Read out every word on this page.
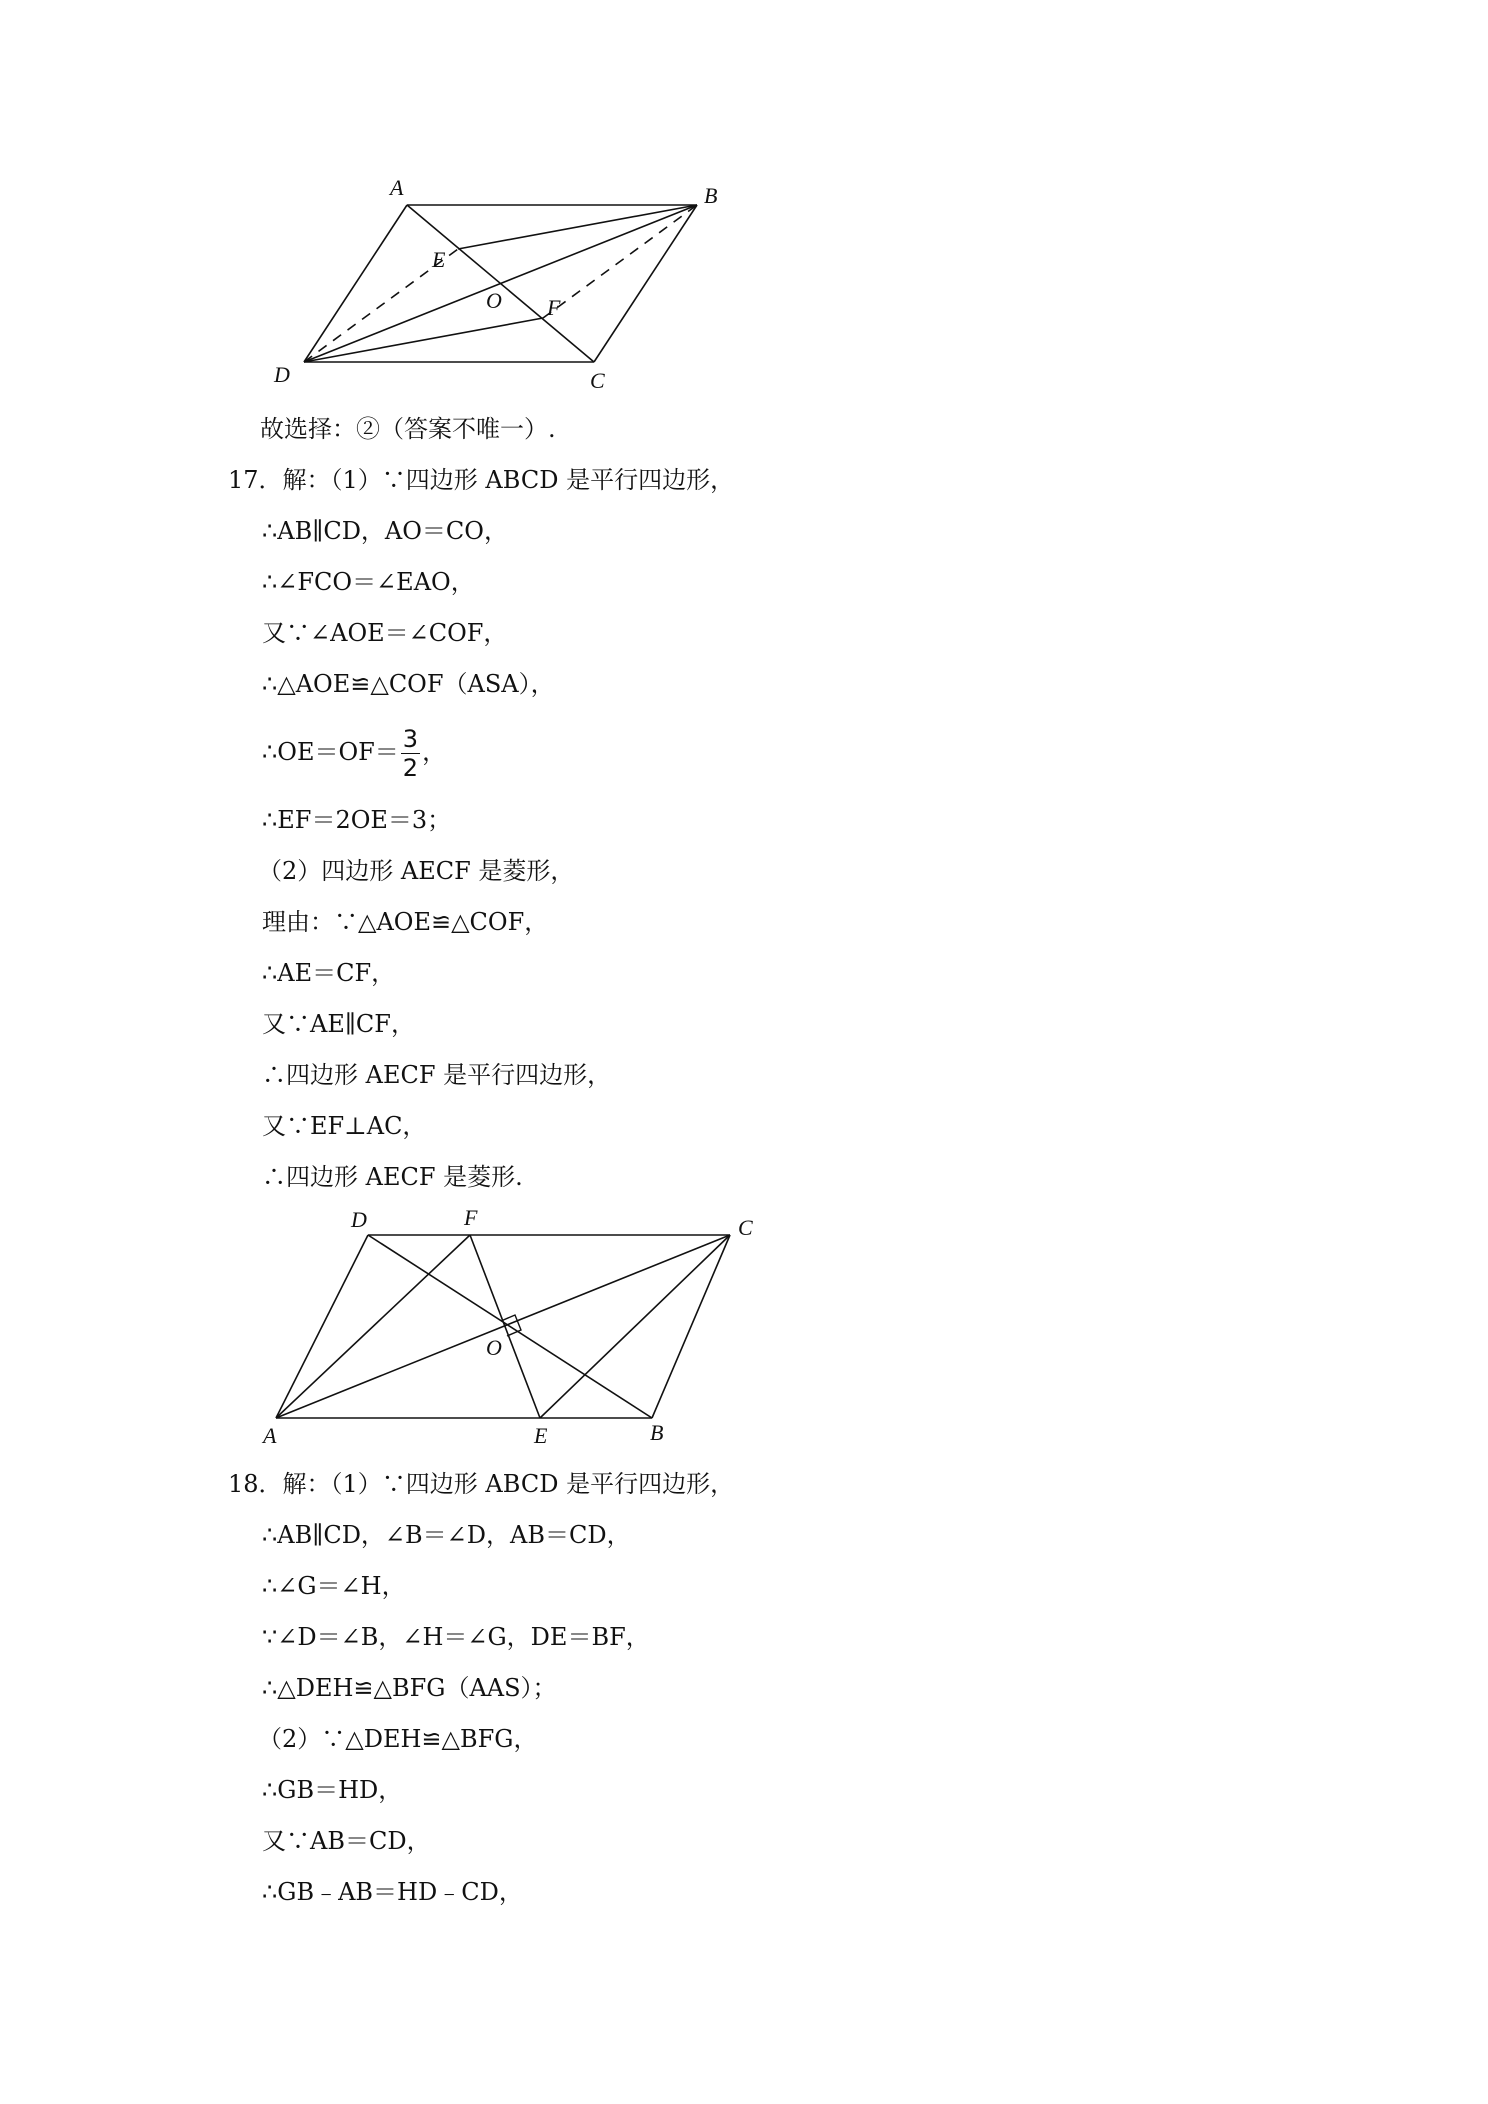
A	B
C
D
E
F
O
故选择：②（答案不唯一）.
17．解：（1）∵四边形 ABCD 是平行四边形，
∴AB∥CD，AO＝CO，
∴∠FCO＝∠EAO，
又∵∠AOE＝∠COF，
∴△AOE≌△COF（ASA），
∴OE＝OF＝ $\frac{3}{2}$ ，
∴EF＝2OE＝3；
（2）四边形 AECF 是菱形，
理由：∵△AOE≌△COF，
∴AE＝CF，
又∵AE∥CF，
∴四边形 AECF 是平行四边形，
又∵EF⊥AC，
∴四边形 AECF 是菱形.
A	B
C
D
E
F
O
18．解：（1）∵四边形 ABCD 是平行四边形，
∴AB∥CD，∠B＝∠D，AB＝CD，
∴∠G＝∠H，
∵∠D＝∠B，∠H＝∠G，DE＝BF，
∴△DEH≌△BFG（AAS）；
（2）∵△DEH≌△BFG，
∴GB＝HD，
又∵AB＝CD，
∴GB﹣AB＝HD﹣CD，
